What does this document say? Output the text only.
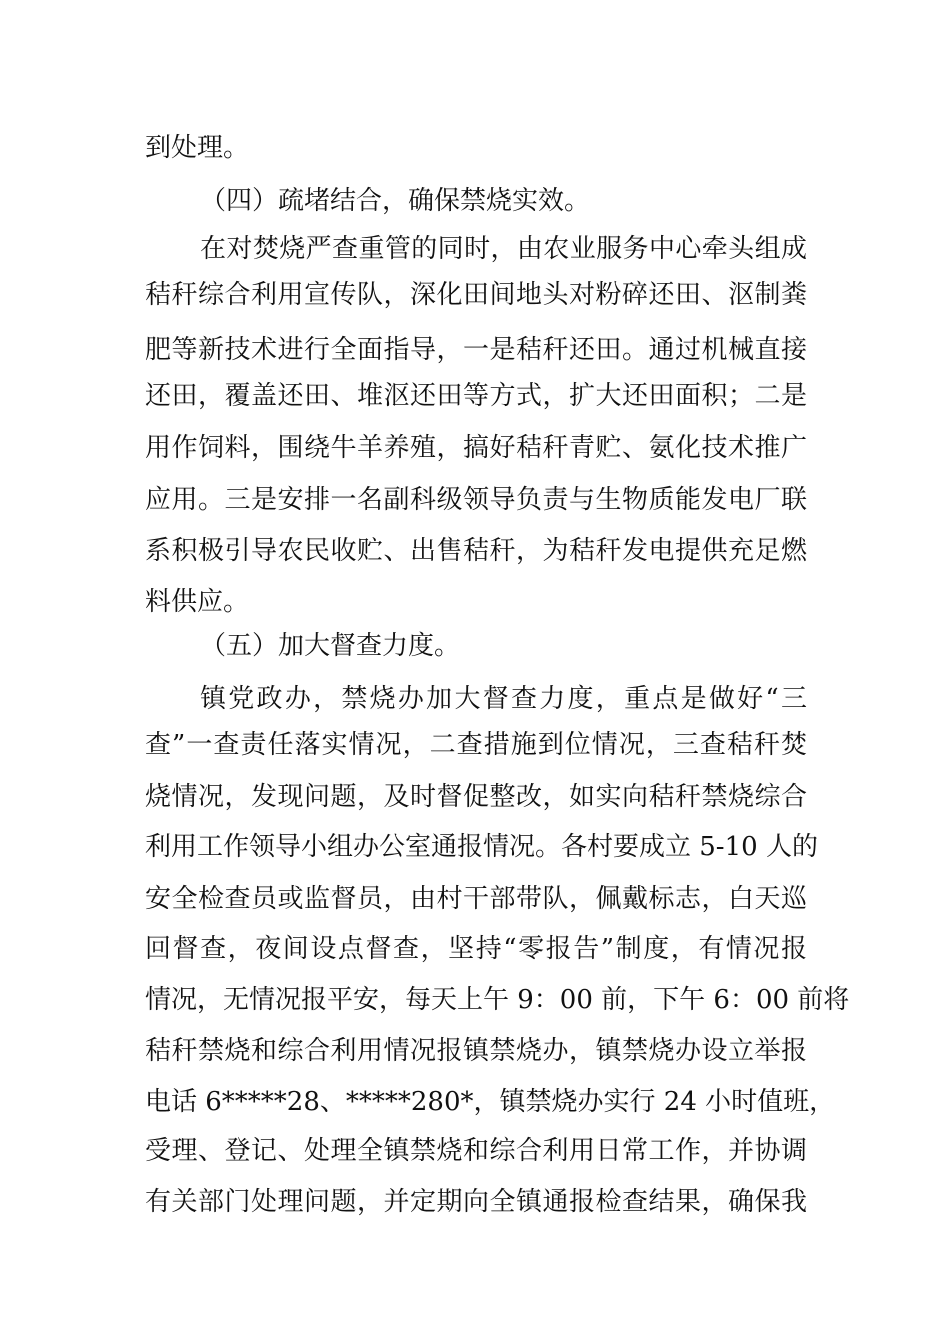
到处理。
（四）疏堵结合，确保禁烧实效。
在对焚烧严查重管的同时，由农业服务中心牵头组成
秸秆综合利用宣传队，深化田间地头对粉碎还田、沤制粪
肥等新技术进行全面指导，一是秸秆还田。通过机械直接
还田，覆盖还田、堆沤还田等方式，扩大还田面积；二是
用作饲料，围绕牛羊养殖，搞好秸秆青贮、氨化技术推广
应用。三是安排一名副科级领导负责与生物质能发电厂联
系积极引导农民收贮、出售秸秆，为秸秆发电提供充足燃
料供应。
（五）加大督查力度。
镇党政办，禁烧办加大督查力度，重点是做好“三
查”一查责任落实情况，二查措施到位情况，三查秸秆焚
烧情况，发现问题，及时督促整改，如实向秸秆禁烧综合
利用工作领导小组办公室通报情况。各村要成立 5-10 人的
安全检查员或监督员，由村干部带队，佩戴标志，白天巡
回督查，夜间设点督查，坚持“零报告”制度，有情况报
情况，无情况报平安，每天上午 9：00 前，下午 6：00 前将
秸秆禁烧和综合利用情况报镇禁烧办，镇禁烧办设立举报
电话 6*****28、*****280*，镇禁烧办实行 24 小时值班，
受理、登记、处理全镇禁烧和综合利用日常工作，并协调
有关部门处理问题，并定期向全镇通报检查结果，确保我
